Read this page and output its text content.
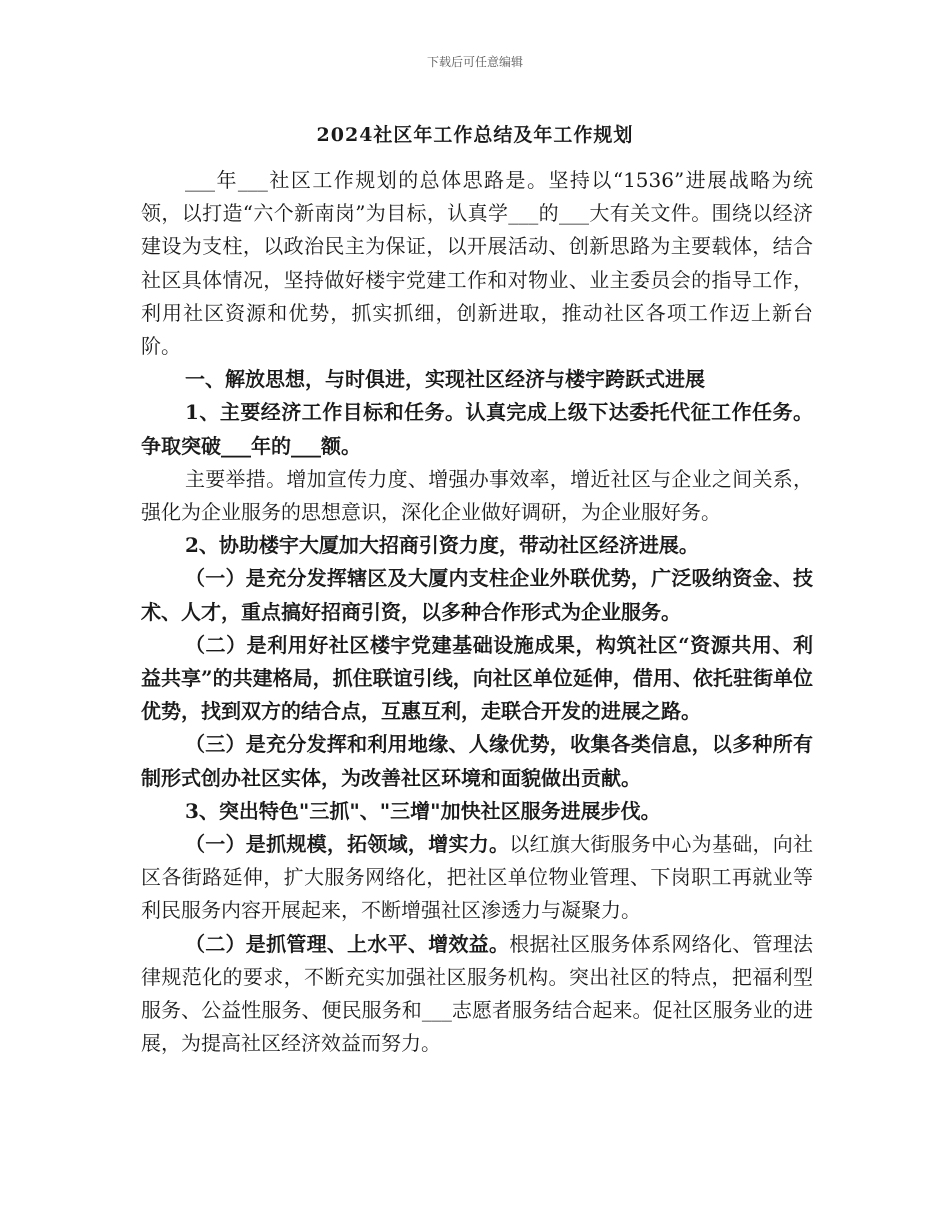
下载后可任意编辑
2024社区年工作总结及年工作规划

___年___社区工作规划的总体思路是。坚持以“1536”进展战略为统领，以打造“六个新南岗”为目标，认真学___的___大有关文件。围绕以经济建设为支柱，以政治民主为保证，以开展活动、创新思路为主要载体，结合社区具体情况，坚持做好楼宇党建工作和对物业、业主委员会的指导工作，利用社区资源和优势，抓实抓细，创新进取，推动社区各项工作迈上新台阶。

一、解放思想，与时俱进，实现社区经济与楼宇跨跃式进展

1、主要经济工作目标和任务。认真完成上级下达委托代征工作任务。争取突破___年的___额。

主要举措。增加宣传力度、增强办事效率，增近社区与企业之间关系，强化为企业服务的思想意识，深化企业做好调研，为企业服好务。

2、协助楼宇大厦加大招商引资力度，带动社区经济进展。

（一）是充分发挥辖区及大厦内支柱企业外联优势，广泛吸纳资金、技术、人才，重点搞好招商引资，以多种合作形式为企业服务。

（二）是利用好社区楼宇党建基础设施成果，构筑社区“资源共用、利益共享”的共建格局，抓住联谊引线，向社区单位延伸，借用、依托驻街单位优势，找到双方的结合点，互惠互利，走联合开发的进展之路。

（三）是充分发挥和利用地缘、人缘优势，收集各类信息，以多种所有制形式创办社区实体，为改善社区环境和面貌做出贡献。

3、突出特色"三抓"、"三增"加快社区服务进展步伐。

（一）是抓规模，拓领域，增实力。以红旗大街服务中心为基础，向社区各街路延伸，扩大服务网络化，把社区单位物业管理、下岗职工再就业等利民服务内容开展起来，不断增强社区渗透力与凝聚力。

（二）是抓管理、上水平、增效益。根据社区服务体系网络化、管理法律规范化的要求，不断充实加强社区服务机构。突出社区的特点，把福利型服务、公益性服务、便民服务和___志愿者服务结合起来。促社区服务业的进展，为提高社区经济效益而努力。
